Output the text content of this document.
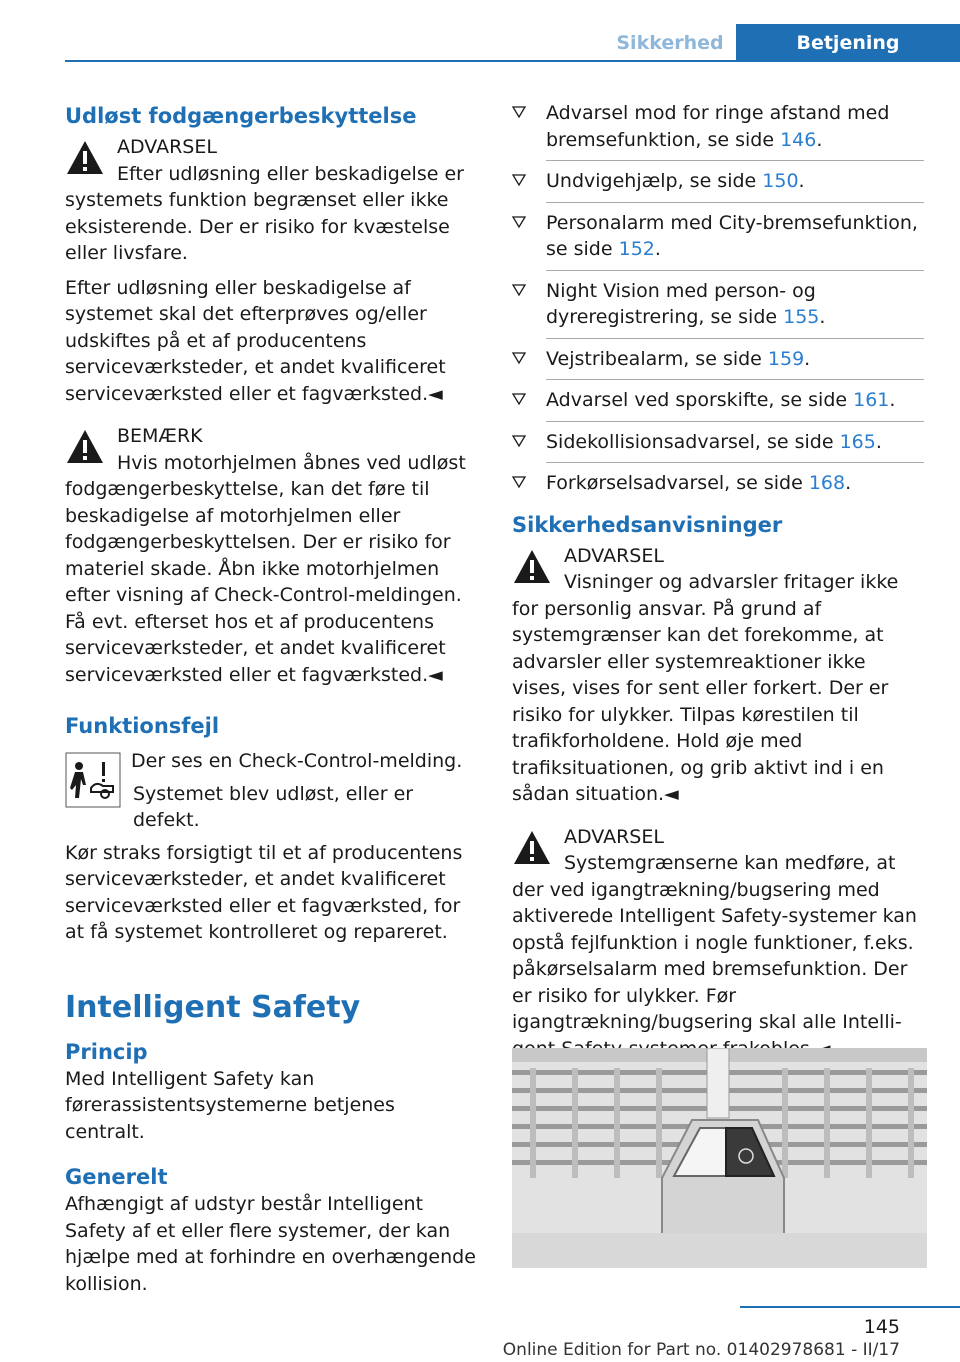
Sikkerhed	Betjening

Udløst fodgængerbeskyttelse

ADVARSEL

Efter udløsning eller beskadigelse er systemets funktion begrænset eller ikke eksisterende. Der er risiko for kvæstelse eller livsfare.

Efter udløsning eller beskadigelse af systemet skal det efterprøves og/eller udskiftes på et af producentens serviceværksteder, et andet kvalificeret serviceværksted eller et fagværksted.◄

BEMÆRK

Hvis motorhjelmen åbnes ved udløst fodgængerbeskyttelse, kan det føre til beskadigelse af motorhjelmen eller fodgængerbeskyttelsen. Der er risiko for materiel skade. Åbn ikke motorhjelmen efter visning af Check-Control-meldingen. Få evt. efterset hos et af producentens serviceværksteder, et andet kvalificeret serviceværksted eller et fagværksted.◄

Funktionsfejl

Der ses en Check-Control-melding.

Systemet blev udløst, eller er defekt.

Kør straks forsigtigt til et af producentens serviceværksteder, et andet kvalificeret serviceværksted eller et fagværksted, for at få systemet kontrolleret og repareret.

Intelligent Safety

Princip

Med Intelligent Safety kan førerassistentsystemerne betjenes centralt.

Generelt

Afhængigt af udstyr består Intelligent Safety af et eller flere systemer, der kan hjælpe med at forhindre en overhængende kollision.

Advarsel mod for ringe afstand med bremsefunktion, se side 146.
Undvigehjælp, se side 150.
Personalarm med City-bremsefunktion, se side 152.
Night Vision med person- og dyreregistrering, se side 155.
Vejstribealarm, se side 159.
Advarsel ved sporskifte, se side 161.
Sidekollisionsadvarsel, se side 165.
Forkørselsadvarsel, se side 168.

Sikkerhedsanvisninger

ADVARSEL

Visninger og advarsler fritager ikke for personlig ansvar. På grund af systemgrænser kan det forekomme, at advarsler eller systemreaktioner ikke vises, vises for sent eller forkert. Der er risiko for ulykker. Tilpas kørestilen til trafikforholdene. Hold øje med trafiksituationen, og grib aktivt ind i en sådan situation.◄

ADVARSEL

Systemgrænserne kan medføre, at der ved igangtrækning/bugsering med aktiverede Intelligent Safety-systemer kan opstå fejlfunktion i nogle funktioner, f.eks. påkørselsalarm med bremsefunktion. Der er risiko for ulykker. Før igangtrækning/bugsering skal alle Intelli

145
Online Edition for Part no. 01402978681 - II/17
